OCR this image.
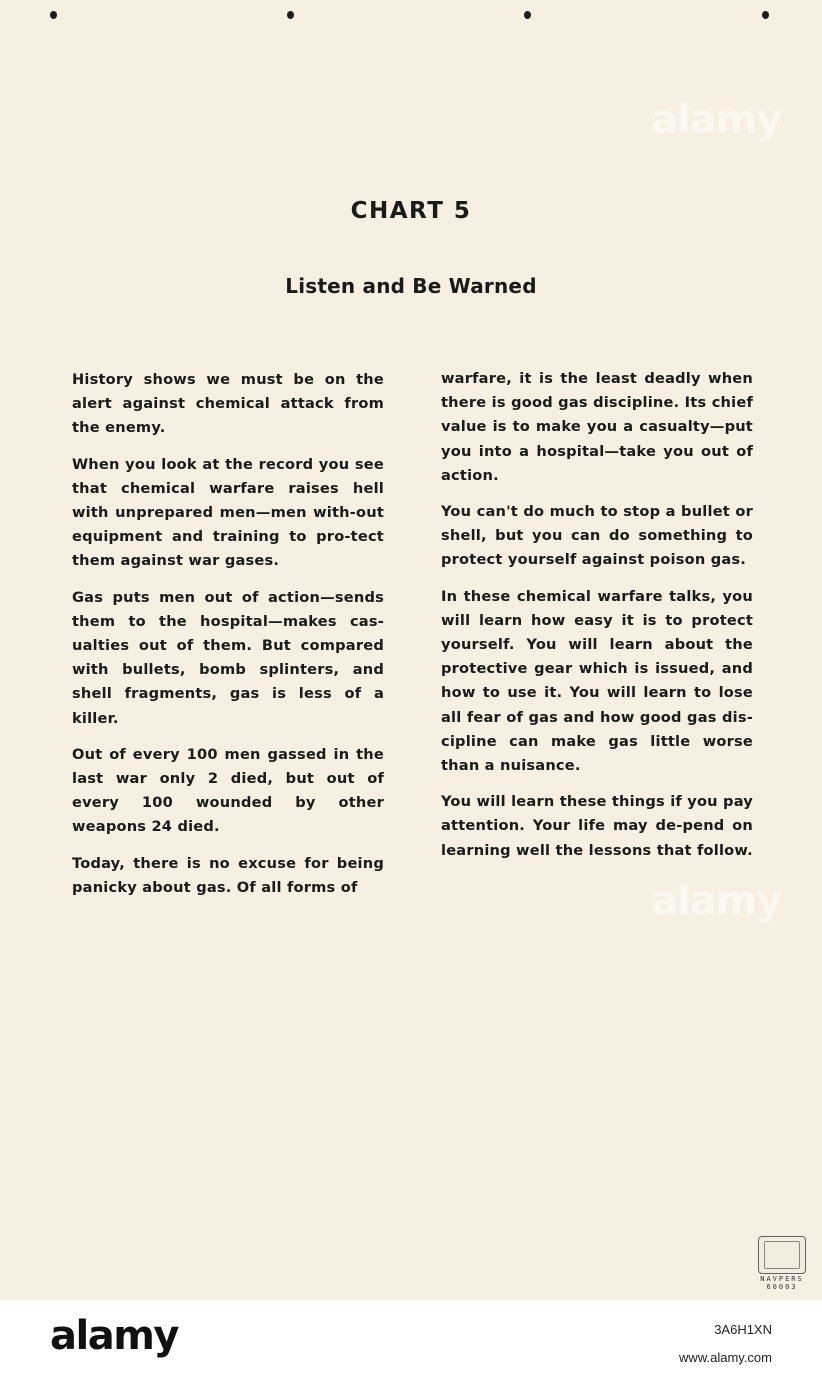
alamy
alamy
CHART 5
Listen and Be Warned

History shows we must be on the alert against chemical attack from the enemy.

When you look at the record you see that chemical warfare raises hell with unprepared men—men with-out equipment and training to pro-tect them against war gases.

Gas puts men out of action—sends them to the hospital—makes cas-ualties out of them. But compared with bullets, bomb splinters, and shell fragments, gas is less of a killer.

Out of every 100 men gassed in the last war only 2 died, but out of every 100 wounded by other weapons 24 died.

Today, there is no excuse for being panicky about gas. Of all forms of

warfare, it is the least deadly when there is good gas discipline. Its chief value is to make you a casualty—put you into a hospital—take you out of action.

You can't do much to stop a bullet or shell, but you can do something to protect yourself against poison gas.

In these chemical warfare talks, you will learn how easy it is to protect yourself. You will learn about the protective gear which is issued, and how to use it. You will learn to lose all fear of gas and how good gas dis-cipline can make gas little worse than a nuisance.

You will learn these things if you pay attention. Your life may de-pend on learning well the lessons that follow.

NAVPERS 60003
alamy	3A6H1XN
www.alamy.com
